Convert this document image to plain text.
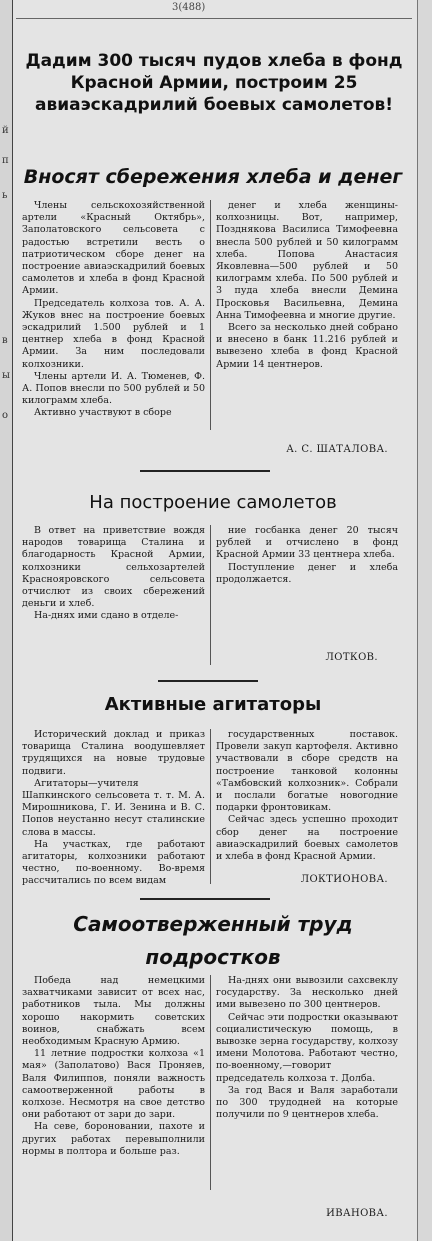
й
п
ь
в
ы
о
3(488)
Дадим 300 тысяч пудов хлеба в фонд Красной Армии, построим 25 авиаэскадрилий боевых самолетов!
Вносят сбережения хлеба и денег

Члены сельскохозяйственной артели «Красный Октябрь», Заполатовского сельсовета с радостью встретили весть о патриотическом сборе денег на построение авиаэскадрилий боевых самолетов и хлеба в фонд Красной Армии.

Председатель колхоза тов. А. А. Жуков внес на построение боевых эскадрилий 1.500 рублей и 1 центнер хлеба в фонд Красной Армии. За ним последовали колхозники.

Члены артели И. А. Тюменев, Ф. А. Попов внесли по 500 рублей и 50 килограмм хлеба.

Активно участвуют в сборе

денег и хлеба женщины-колхозницы. Вот, например, Позднякова Василиса Тимофеевна внесла 500 рублей и 50 килограмм хлеба. Попова Анастасия Яковлевна—500 рублей и 50 килограмм хлеба. По 500 рублей и 3 пуда хлеба внесли Демина Просковья Васильевна, Демина Анна Тимофеевна и многие другие.

Всего за несколько дней собрано и внесено в банк 11.216 рублей и вывезено хлеба в фонд Красной Армии 14 центнеров.

А. С. ШАТАЛОВА.
На построение самолетов

В ответ на приветствие вождя народов товарища Сталина и благодарность Красной Армии, колхозники сельхозартелей Краснояровского сельсовета отчислют из своих сбережений деньги и хлеб.

На-днях ими сдано в отделе-

ние госбанка денег 20 тысяч рублей и отчислено в фонд Красной Армии 33 центнера хлеба.

Поступление денег и хлеба продолжается.

ЛОТКОВ.
Активные агитаторы

Исторический доклад и приказ товарища Сталина воодушевляет трудящихся на новые трудовые подвиги.

Агитаторы—учителя Шапкинского сельсовета т. т. М. А. Мирошникова, Г. И. Зенина и В. С. Попов неустанно несут сталинские слова в массы.

На участках, где работают агитаторы, колхозники работают честно, по-военному. Во-время рассчитались по всем видам

государственных поставок. Провели закуп картофеля. Активно участвовали в сборе средств на построение танковой колонны «Тамбовский колхозник». Собрали и послали богатые новогодние подарки фронтовикам.

Сейчас здесь успешно проходит сбор денег на построение авиаэскадрилий боевых самолетов и хлеба в фонд Красной Армии.

ЛОКТИОНОВА.
Самоотверженный труд
подростков

Победа над немецкими захватчиками зависит от всех нас, работников тыла. Мы должны хорошо накормить советских воинов, снабжать всем необходимым Красную Армию.

11 летние подростки колхоза «1 мая» (Заполатово) Вася Проняев, Валя Филиппов, поняли важность самоотверженной работы в колхозе. Несмотря на свое детство они работают от зари до зари.

На севе, бороновании, пахоте и других работах перевыполнили нормы в полтора и больше раз.

На-днях они вывозили сахсвеклу государству. За несколько дней ими вывезено по 300 центнеров.

Сейчас эти подростки оказывают социалистическую помощь, в вывозке зерна государству, колхозу имени Молотова. Работают честно, по-военному,—говорит председатель колхоза т. Долба.

За год Вася и Валя заработали по 300 трудодней на которые получили по 9 центнеров хлеба.

ИВАНОВА.
